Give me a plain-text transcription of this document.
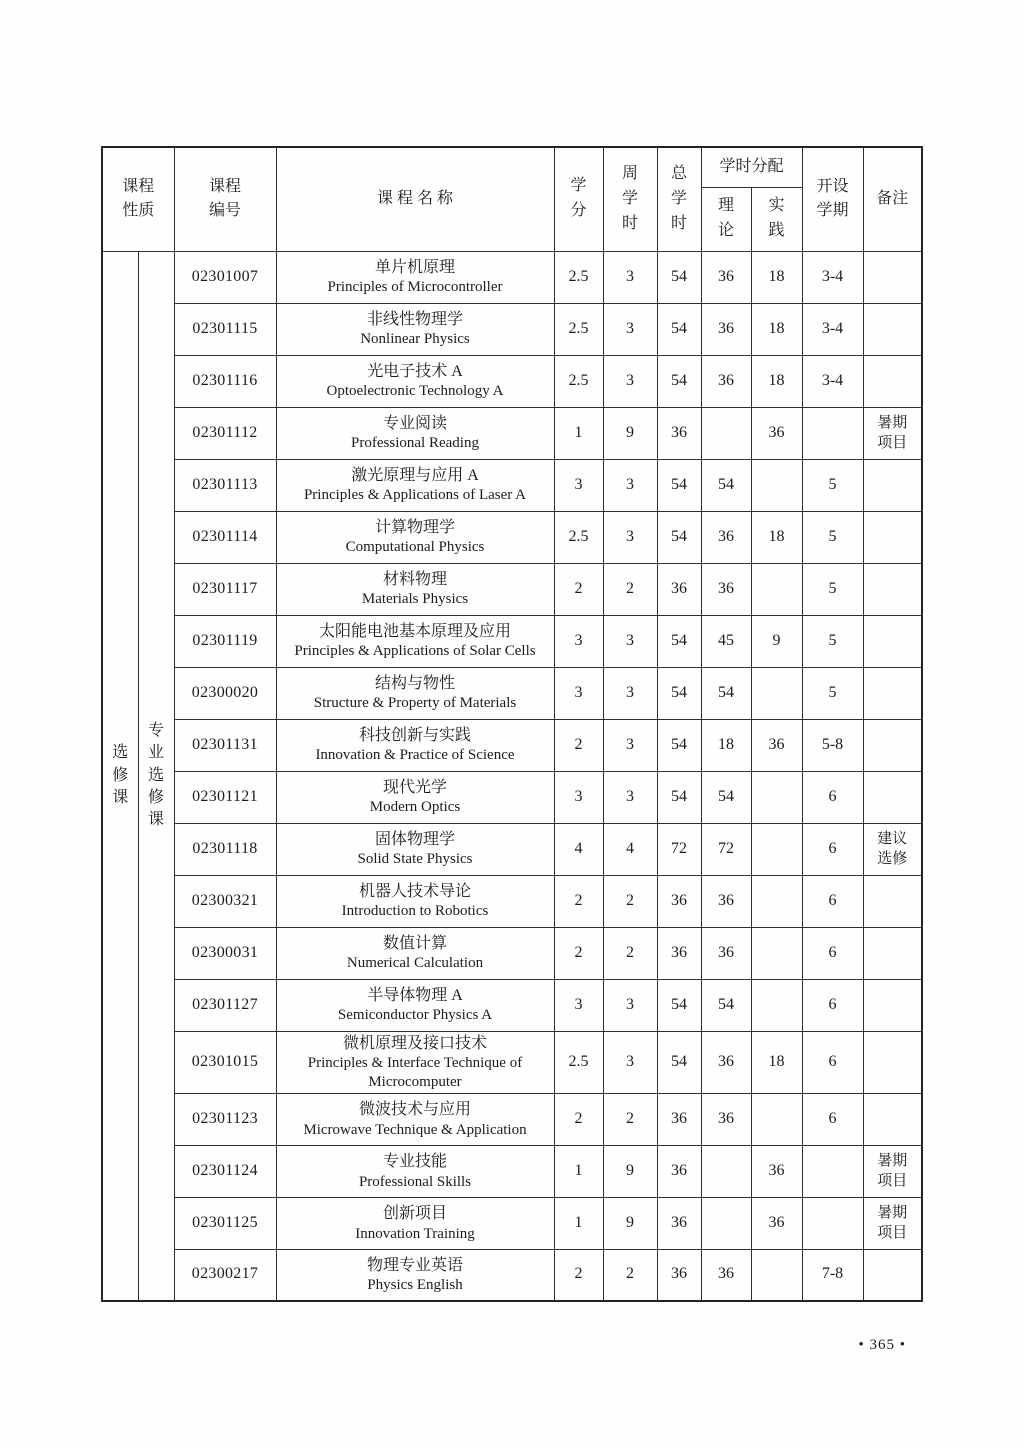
课程性质		课程编号	课 程 名 称	学分	周学时	总学时	学时分配		开设学期	备注

							理论	实践		

选修课	专业选修课	02301007	单片机原理
Principles of Microcontroller	2.5	3	54	36	18	3-4	

		02301115	非线性物理学
Nonlinear Physics	2.5	3	54	36	18	3-4	

		02301116	光电子技术 A
Optoelectronic Technology A	2.5	3	54	36	18	3-4	

		02301112	专业阅读
Professional Reading	1	9	36		36		暑期项目

		02301113	激光原理与应用 A
Principles & Applications of Laser A	3	3	54	54		5	

		02301114	计算物理学
Computational Physics	2.5	3	54	36	18	5	

		02301117	材料物理
Materials Physics	2	2	36	36		5	

		02301119	太阳能电池基本原理及应用
Principles & Applications of Solar Cells	3	3	54	45	9	5	

		02300020	结构与物性
Structure & Property of Materials	3	3	54	54		5	

		02301131	科技创新与实践
Innovation & Practice of Science	2	3	54	18	36	5-8	

		02301121	现代光学
Modern Optics	3	3	54	54		6	

		02301118	固体物理学
Solid State Physics	4	4	72	72		6	建议选修

		02300321	机器人技术导论
Introduction to Robotics	2	2	36	36		6	

		02300031	数值计算
Numerical Calculation	2	2	36	36		6	

		02301127	半导体物理 A
Semiconductor Physics A	3	3	54	54		6	

		02301015	微机原理及接口技术
Principles & Interface Technique of Microcomputer	2.5	3	54	36	18	6	

		02301123	微波技术与应用
Microwave Technique & Application	2	2	36	36		6	

		02301124	专业技能
Professional Skills	1	9	36		36		暑期项目

		02301125	创新项目
Innovation Training	1	9	36		36		暑期项目

		02300217	物理专业英语
Physics English	2	2	36	36		7-8	
• 365 •
